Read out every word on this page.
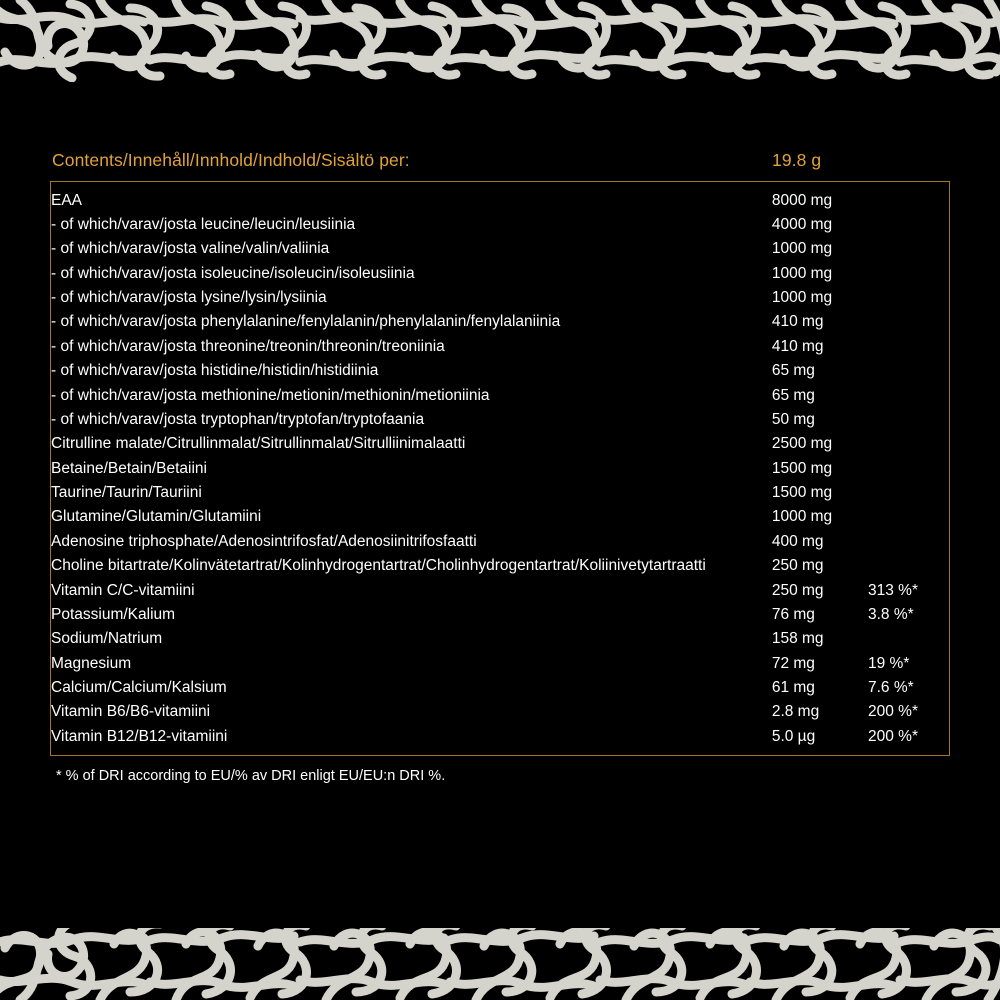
Contents/Innehåll/Innhold/Indhold/Sisältö per:	19.8 g
EAA	8000 mg	
- of which/varav/josta leucine/leucin/leusiinia	4000 mg	
- of which/varav/josta valine/valin/valiinia	1000 mg	
- of which/varav/josta isoleucine/isoleucin/isoleusiinia	1000 mg	
- of which/varav/josta lysine/lysin/lysiinia	1000 mg	
- of which/varav/josta phenylalanine/fenylalanin/phenylalanin/fenylalaniinia	410 mg	
- of which/varav/josta threonine/treonin/threonin/treoniinia	410 mg	
- of which/varav/josta histidine/histidin/histidiinia	65 mg	
- of which/varav/josta methionine/metionin/methionin/metioniinia	65 mg	
- of which/varav/josta tryptophan/tryptofan/tryptofaania	50 mg	
Citrulline malate/Citrullinmalat/Sitrullinmalat/Sitrulliinimalaatti	2500 mg	
Betaine/Betain/Betaiini	1500 mg	
Taurine/Taurin/Tauriini	1500 mg	
Glutamine/Glutamin/Glutamiini	1000 mg	
Adenosine triphosphate/Adenosintrifosfat/Adenosiinitrifosfaatti	400 mg	
Choline bitartrate/Kolinvätetartrat/Kolinhydrogentartrat/Cholinhydrogentartrat/Koliinivetytartraatti	250 mg	
Vitamin C/C-vitamiini	250 mg	313 %*
Potassium/Kalium	76 mg	3.8 %*
Sodium/Natrium	158 mg	
Magnesium	72 mg	19 %*
Calcium/Calcium/Kalsium	61 mg	7.6 %*
Vitamin B6/B6-vitamiini	2.8 mg	200 %*
Vitamin B12/B12-vitamiini	5.0 µg	200 %*
* % of DRI according to EU/% av DRI enligt EU/EU:n DRI %.
